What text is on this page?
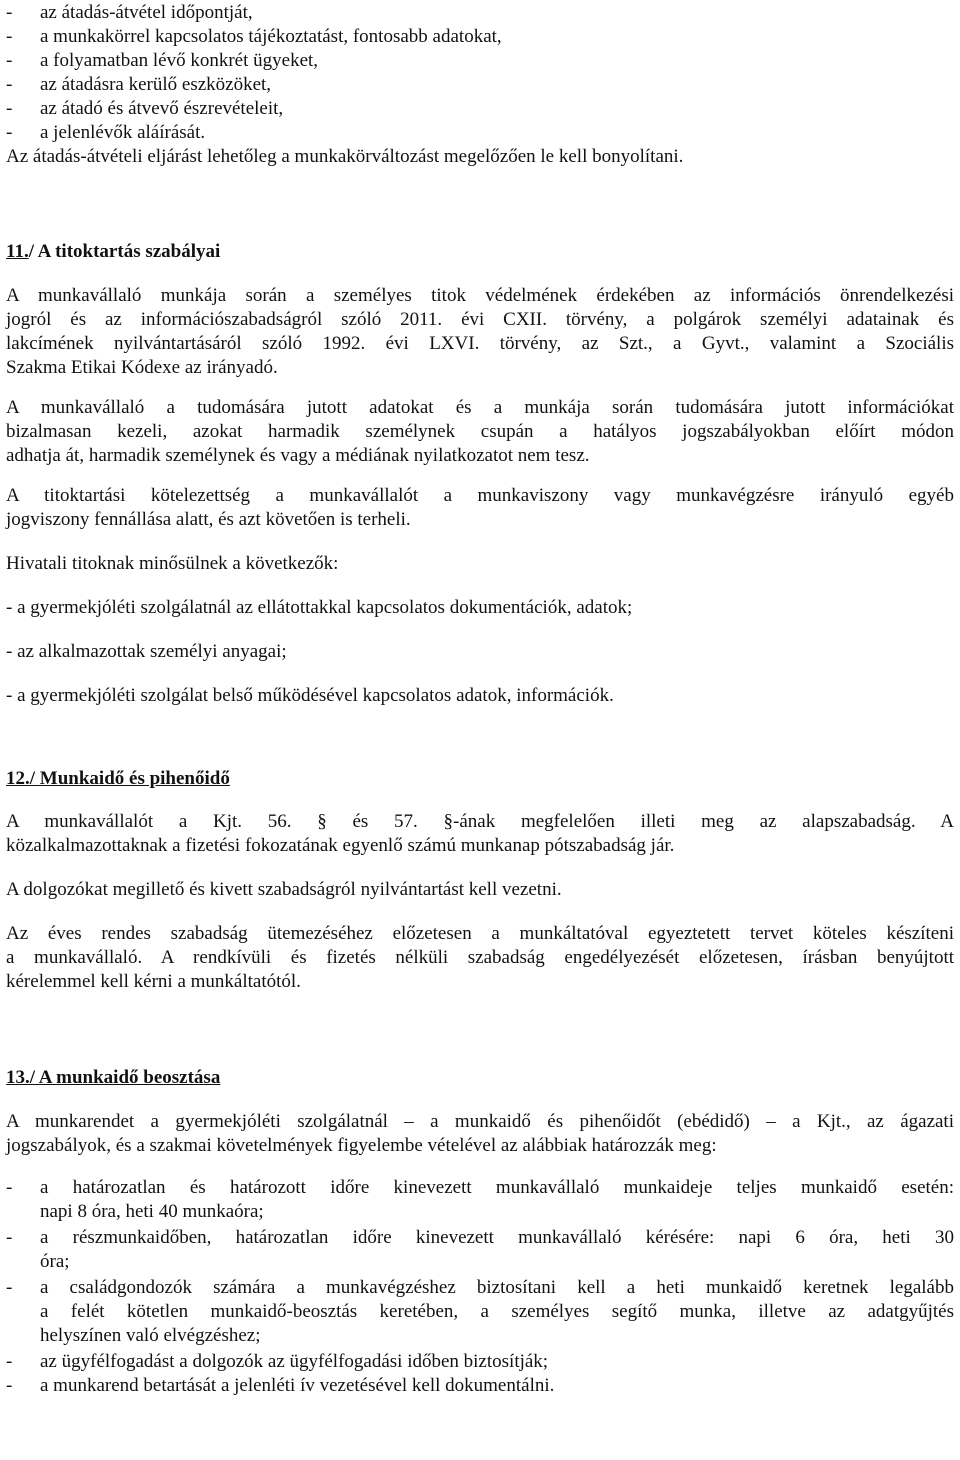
- az átadás-átvétel időpontját,
- a munkakörrel kapcsolatos tájékoztatást, fontosabb adatokat,
- a folyamatban lévő konkrét ügyeket,
- az átadásra kerülő eszközöket,
- az átadó és átvevő észrevételeit,
- a jelenlévők aláírását.
Az átadás-átvételi eljárást lehetőleg a munkakörváltozást megelőzően le kell bonyolítani.
11./ A titoktartás szabályai
A munkavállaló munkája során a személyes titok védelmének érdekében az információs önrendelkezési
jogról és az információszabadságról szóló 2011. évi CXII. törvény, a polgárok személyi adatainak és
lakcímének nyilvántartásáról szóló 1992. évi LXVI. törvény, az Szt., a Gyvt., valamint a Szociális
Szakma Etikai Kódexe az irányadó.
A munkavállaló a tudomására jutott adatokat és a munkája során tudomására jutott információkat
bizalmasan kezeli, azokat harmadik személynek csupán a hatályos jogszabályokban előírt módon
adhatja át, harmadik személynek és vagy a médiának nyilatkozatot nem tesz.
A titoktartási kötelezettség a munkavállalót a munkaviszony vagy munkavégzésre irányuló egyéb
jogviszony fennállása alatt, és azt követően is terheli.
Hivatali titoknak minősülnek a következők:
- a gyermekjóléti szolgálatnál az ellátottakkal kapcsolatos dokumentációk, adatok;
- az alkalmazottak személyi anyagai;
- a gyermekjóléti szolgálat belső működésével kapcsolatos adatok, információk.
12./ Munkaidő és pihenőidő
A munkavállalót a Kjt. 56. § és 57. §-ának megfelelően illeti meg az alapszabadság. A
közalkalmazottaknak a fizetési fokozatának egyenlő számú munkanap pótszabadság jár.
A dolgozókat megillető és kivett szabadságról nyilvántartást kell vezetni.
Az éves rendes szabadság ütemezéséhez előzetesen a munkáltatóval egyeztetett tervet köteles készíteni
a munkavállaló. A rendkívüli és fizetés nélküli szabadság engedélyezését előzetesen, írásban benyújtott
kérelemmel kell kérni a munkáltatótól.
13./ A munkaidő beosztása
A munkarendet a gyermekjóléti szolgálatnál – a munkaidő és pihenőidőt (ebédidő) – a Kjt., az ágazati
jogszabályok, és a szakmai követelmények figyelembe vételével az alábbiak határozzák meg:
-	a határozatlan és határozott időre kinevezett munkavállaló munkaideje teljes munkaidő esetén:
napi 8 óra, heti 40 munkaóra;
-	a részmunkaidőben, határozatlan időre kinevezett munkavállaló kérésére: napi 6 óra, heti 30
óra;
-	a családgondozók számára a munkavégzéshez biztosítani kell a heti munkaidő keretnek legalább
a felét kötetlen munkaidő-beosztás keretében, a személyes segítő munka, illetve az adatgyűjtés
helyszínen való elvégzéshez;
-	az ügyfélfogadást a dolgozók az ügyfélfogadási időben biztosítják;
-	a munkarend betartását a jelenléti ív vezetésével kell dokumentálni.
